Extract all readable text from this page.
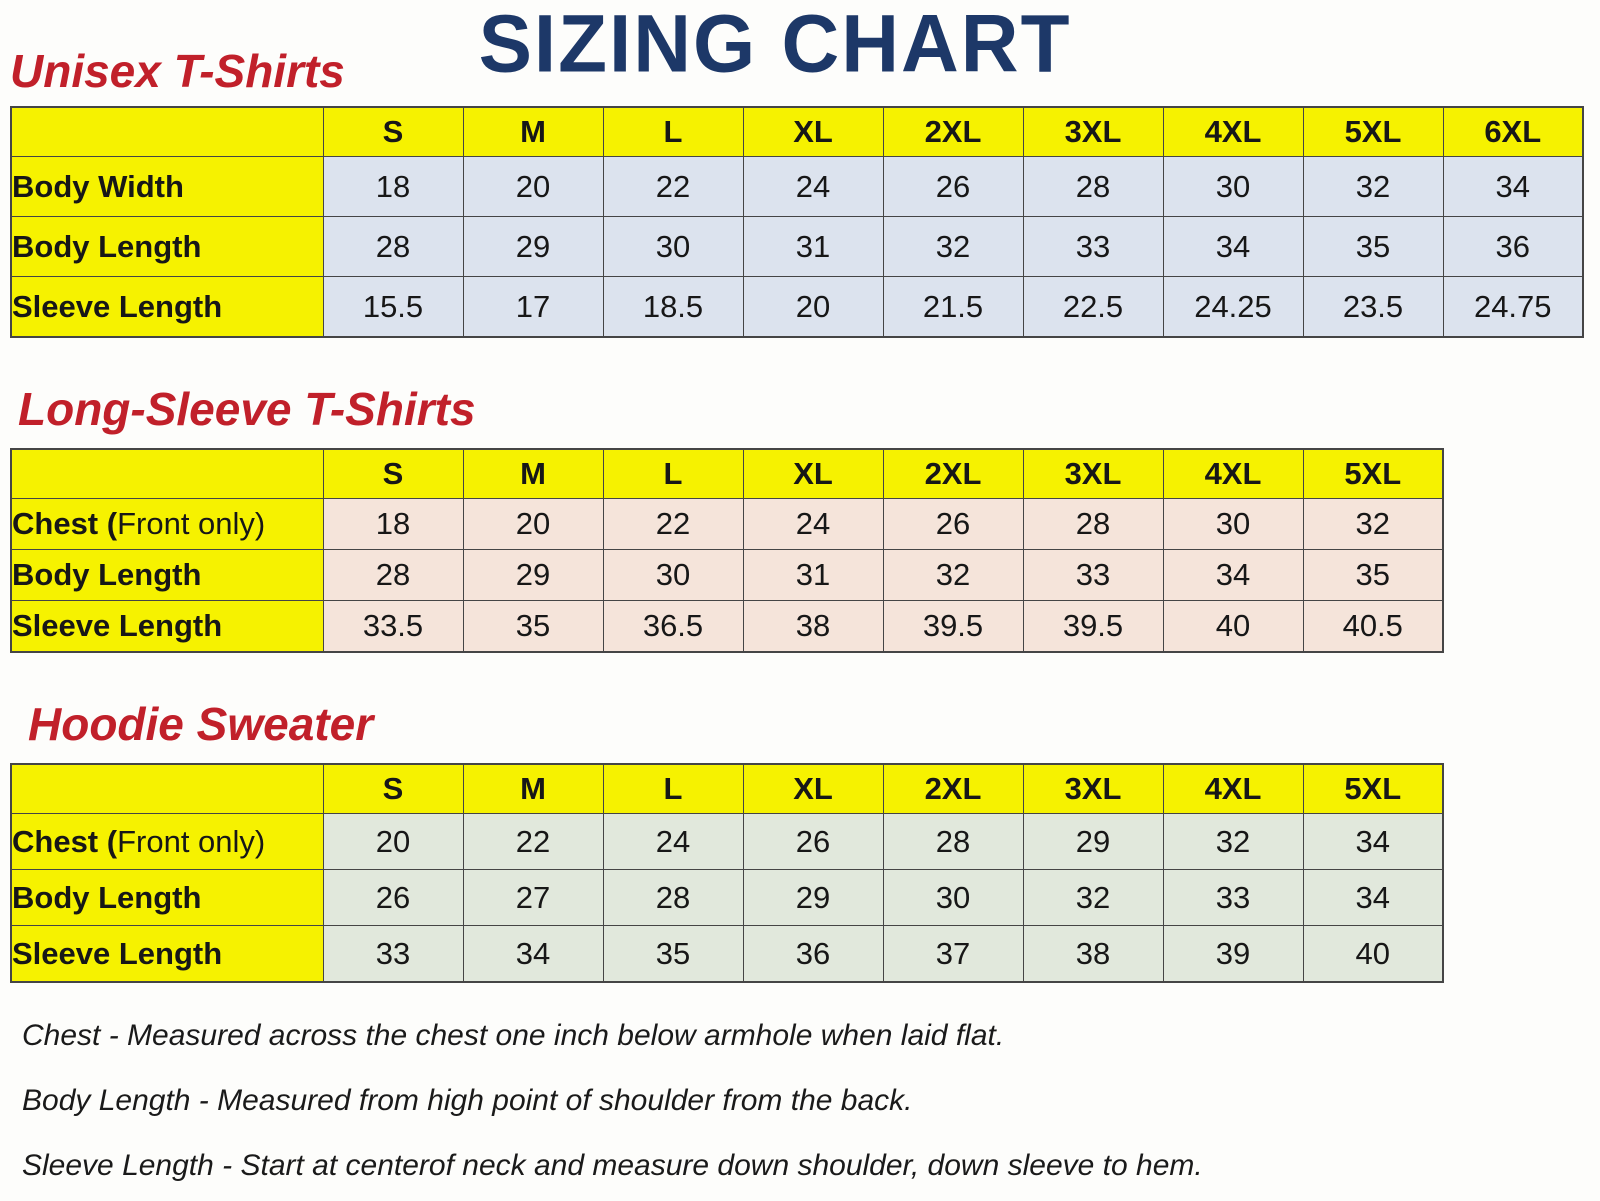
SIZING CHART
Unisex T-Shirts
	S	M	L	XL	2XL	3XL	4XL	5XL	6XL
Body Width	18	20	22	24	26	28	30	32	34
Body Length	28	29	30	31	32	33	34	35	36
Sleeve Length	15.5	17	18.5	20	21.5	22.5	24.25	23.5	24.75
Long-Sleeve T-Shirts
	S	M	L	XL	2XL	3XL	4XL	5XL
Chest (Front only)	18	20	22	24	26	28	30	32
Body Length	28	29	30	31	32	33	34	35
Sleeve Length	33.5	35	36.5	38	39.5	39.5	40	40.5
Hoodie Sweater
	S	M	L	XL	2XL	3XL	4XL	5XL
Chest (Front only)	20	22	24	26	28	29	32	34
Body Length	26	27	28	29	30	32	33	34
Sleeve Length	33	34	35	36	37	38	39	40
Chest - Measured across the chest one inch below armhole when laid flat.
Body Length - Measured from high point of shoulder from the back.
Sleeve Length - Start at centerof neck and measure down shoulder, down sleeve to hem.
